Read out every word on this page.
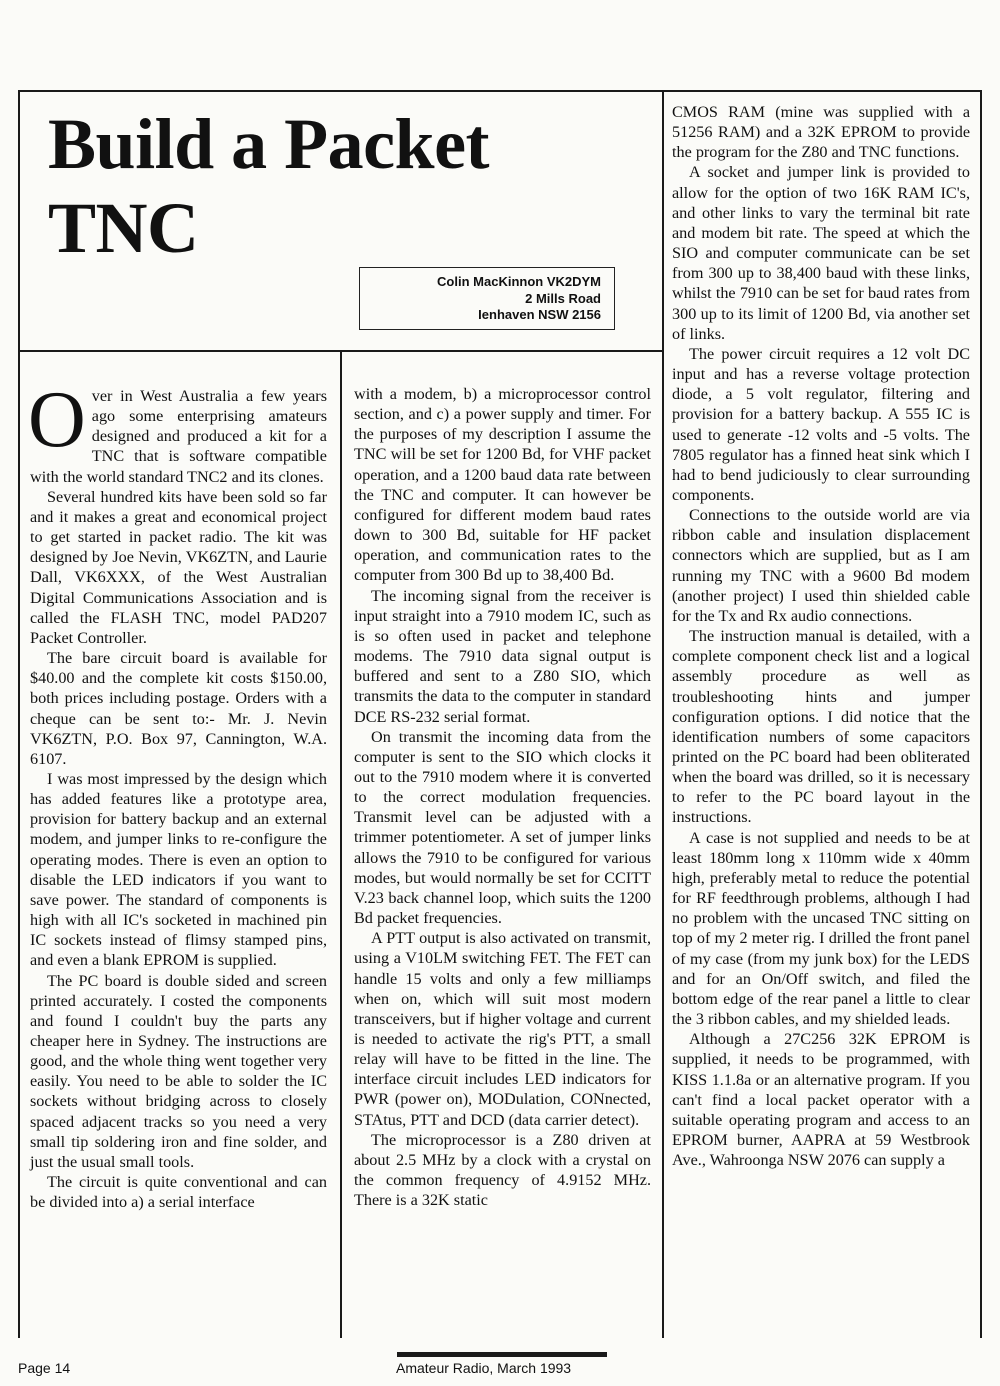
Build a Packet
TNC
Colin MacKinnon VK2DYM
2 Mills Road
Ienhaven NSW 2156

Over in West Australia a few years ago some enterprising amateurs designed and produced a kit for a TNC that is software compatible with the world standard TNC2 and its clones.

Several hundred kits have been sold so far and it makes a great and economical project to get started in packet radio. The kit was designed by Joe Nevin, VK6ZTN, and Laurie Dall, VK6XXX, of the West Australian Digital Communications Association and is called the FLASH TNC, model PAD207 Packet Controller.

The bare circuit board is available for $40.00 and the complete kit costs $150.00, both prices including postage. Orders with a cheque can be sent to:- Mr. J. Nevin VK6ZTN, P.O. Box 97, Cannington, W.A. 6107.

I was most impressed by the design which has added features like a prototype area, provision for battery backup and an external modem, and jumper links to re-configure the operating modes. There is even an option to disable the LED indicators if you want to save power. The standard of components is high with all IC's socketed in machined pin IC sockets instead of flimsy stamped pins, and even a blank EPROM is supplied.

The PC board is double sided and screen printed accurately. I costed the components and found I couldn't buy the parts any cheaper here in Sydney. The instructions are good, and the whole thing went together very easily. You need to be able to solder the IC sockets without bridging across to closely spaced adjacent tracks so you need a very small tip soldering iron and fine solder, and just the usual small tools.

The circuit is quite conventional and can be divided into a) a serial interface

with a modem, b) a microprocessor control section, and c) a power supply and timer. For the purposes of my description I assume the TNC will be set for 1200 Bd, for VHF packet operation, and a 1200 baud data rate between the TNC and computer. It can however be configured for different modem baud rates down to 300 Bd, suitable for HF packet operation, and communication rates to the computer from 300 Bd up to 38,400 Bd.

The incoming signal from the receiver is input straight into a 7910 modem IC, such as is so often used in packet and telephone modems. The 7910 data signal output is buffered and sent to a Z80 SIO, which transmits the data to the computer in standard DCE RS-232 serial format.

On transmit the incoming data from the computer is sent to the SIO which clocks it out to the 7910 modem where it is converted to the correct modulation frequencies. Transmit level can be adjusted with a trimmer potentiometer. A set of jumper links allows the 7910 to be configured for various modes, but would normally be set for CCITT V.23 back channel loop, which suits the 1200 Bd packet frequencies.

A PTT output is also activated on transmit, using a V10LM switching FET. The FET can handle 15 volts and only a few milliamps when on, which will suit most modern transceivers, but if higher voltage and current is needed to activate the rig's PTT, a small relay will have to be fitted in the line. The interface circuit includes LED indicators for PWR (power on), MODulation, CONnected, STAtus, PTT and DCD (data carrier detect).

The microprocessor is a Z80 driven at about 2.5 MHz by a clock with a crystal on the common frequency of 4.9152 MHz. There is a 32K static

CMOS RAM (mine was supplied with a 51256 RAM) and a 32K EPROM to provide the program for the Z80 and TNC functions.

A socket and jumper link is provided to allow for the option of two 16K RAM IC's, and other links to vary the terminal bit rate and modem bit rate. The speed at which the SIO and computer communicate can be set from 300 up to 38,400 baud with these links, whilst the 7910 can be set for baud rates from 300 up to its limit of 1200 Bd, via another set of links.

The power circuit requires a 12 volt DC input and has a reverse voltage protection diode, a 5 volt regulator, filtering and provision for a battery backup. A 555 IC is used to generate -12 volts and -5 volts. The 7805 regulator has a finned heat sink which I had to bend judiciously to clear surrounding components.

Connections to the outside world are via ribbon cable and insulation displacement connectors which are supplied, but as I am running my TNC with a 9600 Bd modem (another project) I used thin shielded cable for the Tx and Rx audio connections.

The instruction manual is detailed, with a complete component check list and a logical assembly procedure as well as troubleshooting hints and jumper configuration options. I did notice that the identification numbers of some capacitors printed on the PC board had been obliterated when the board was drilled, so it is necessary to refer to the PC board layout in the instructions.

A case is not supplied and needs to be at least 180mm long x 110mm wide x 40mm high, preferably metal to reduce the potential for RF feedthrough problems, although I had no problem with the uncased TNC sitting on top of my 2 meter rig. I drilled the front panel of my case (from my junk box) for the LEDS and for an On/Off switch, and filed the bottom edge of the rear panel a little to clear the 3 ribbon cables, and my shielded leads.

Although a 27C256 32K EPROM is supplied, it needs to be programmed, with KISS 1.1.8a or an alternative program. If you can't find a local packet operator with a suitable operating program and access to an EPROM burner, AAPRA at 59 Westbrook Ave., Wahroonga NSW 2076 can supply a

Page 14	Amateur Radio, March 1993
